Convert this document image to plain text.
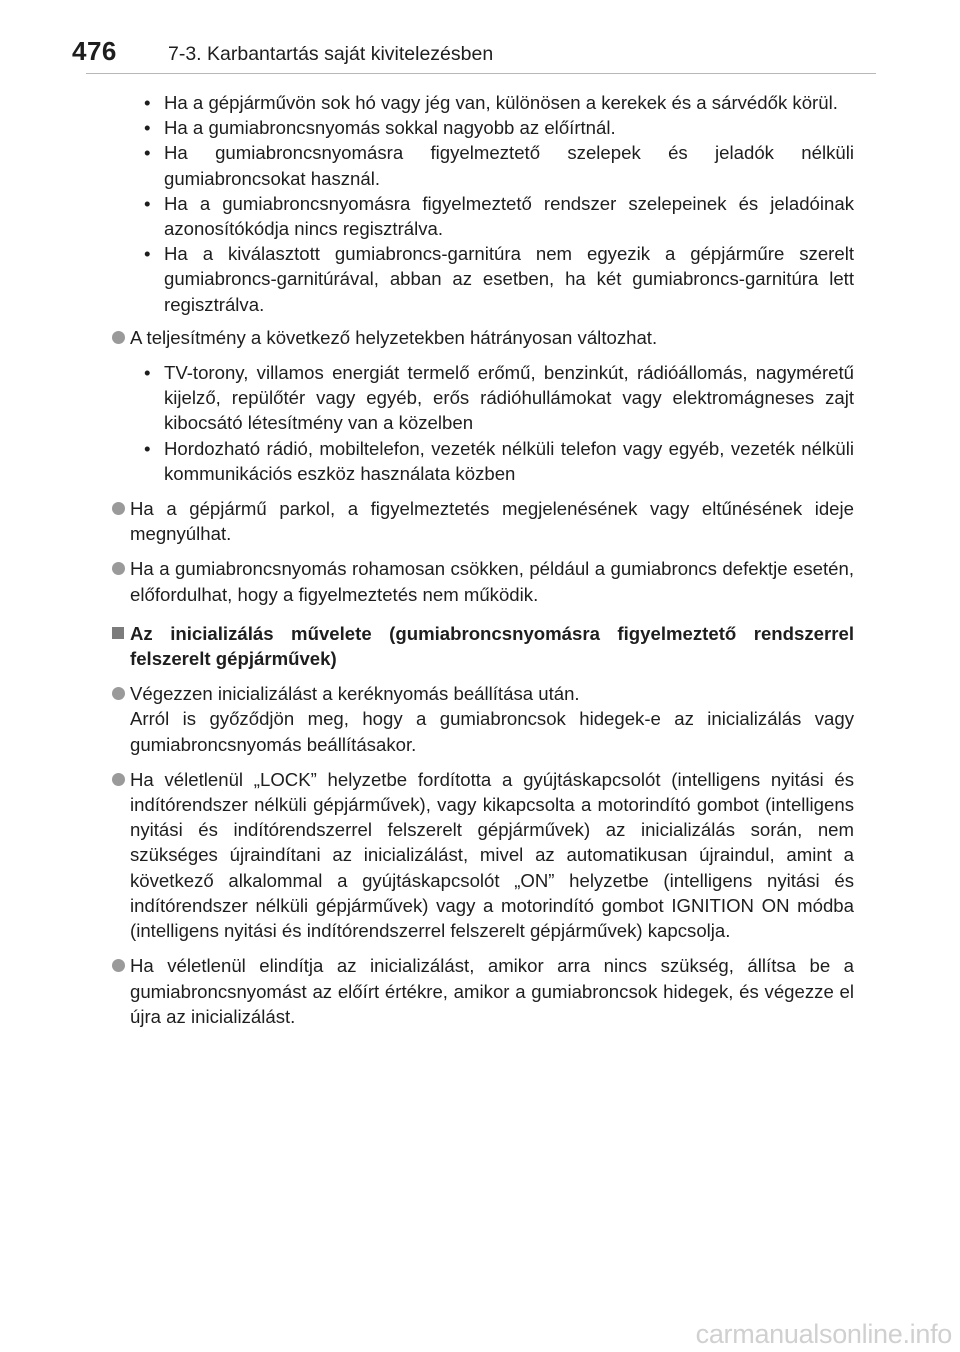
476	7-3. Karbantartás saját kivitelezésben
• Ha a gépjárművön sok hó vagy jég van, különösen a kerekek és a sárvédők körül.
• Ha a gumiabroncsnyomás sokkal nagyobb az előírtnál.
• Ha gumiabroncsnyomásra figyelmeztető szelepek és jeladók nélküli gumiabroncsokat használ.
• Ha a gumiabroncsnyomásra figyelmeztető rendszer szelepeinek és jeladóinak azonosítókódja nincs regisztrálva.
• Ha a kiválasztott gumiabroncs-garnitúra nem egyezik a gépjárműre szerelt gumiabroncs-garnitúrával, abban az esetben, ha két gumiabroncs-garnitúra lett regisztrálva.
A teljesítmény a következő helyzetekben hátrányosan változhat.
• TV-torony, villamos energiát termelő erőmű, benzinkút, rádióállomás, nagyméretű kijelző, repülőtér vagy egyéb, erős rádióhullámokat vagy elektromágneses zajt kibocsátó létesítmény van a közelben
• Hordozható rádió, mobiltelefon, vezeték nélküli telefon vagy egyéb, vezeték nélküli kommunikációs eszköz használata közben
Ha a gépjármű parkol, a figyelmeztetés megjelenésének vagy eltűnésének ideje megnyúlhat.
Ha a gumiabroncsnyomás rohamosan csökken, például a gumiabroncs defektje esetén, előfordulhat, hogy a figyelmeztetés nem működik.
Az inicializálás művelete (gumiabroncsnyomásra figyelmeztető rendszerrel felszerelt gépjárművek)
Végezzen inicializálást a keréknyomás beállítása után.
Arról is győződjön meg, hogy a gumiabroncsok hidegek-e az inicializálás vagy gumiabroncsnyomás beállításakor.
Ha véletlenül „LOCK” helyzetbe fordította a gyújtáskapcsolót (intelligens nyitási és indítórendszer nélküli gépjárművek), vagy kikapcsolta a motorindító gombot (intelligens nyitási és indítórendszerrel felszerelt gépjárművek) az inicializálás során, nem szükséges újraindítani az inicializálást, mivel az automatikusan újraindul, amint a következő alkalommal a gyújtáskapcsolót „ON” helyzetbe (intelligens nyitási és indítórendszer nélküli gépjárművek) vagy a motorindító gombot IGNITION ON módba (intelligens nyitási és indítórendszerrel felszerelt gépjárművek) kapcsolja.
Ha véletlenül elindítja az inicializálást, amikor arra nincs szükség, állítsa be a gumiabroncsnyomást az előírt értékre, amikor a gumiabroncsok hidegek, és végezze el újra az inicializálást.
carmanualsonline.info
